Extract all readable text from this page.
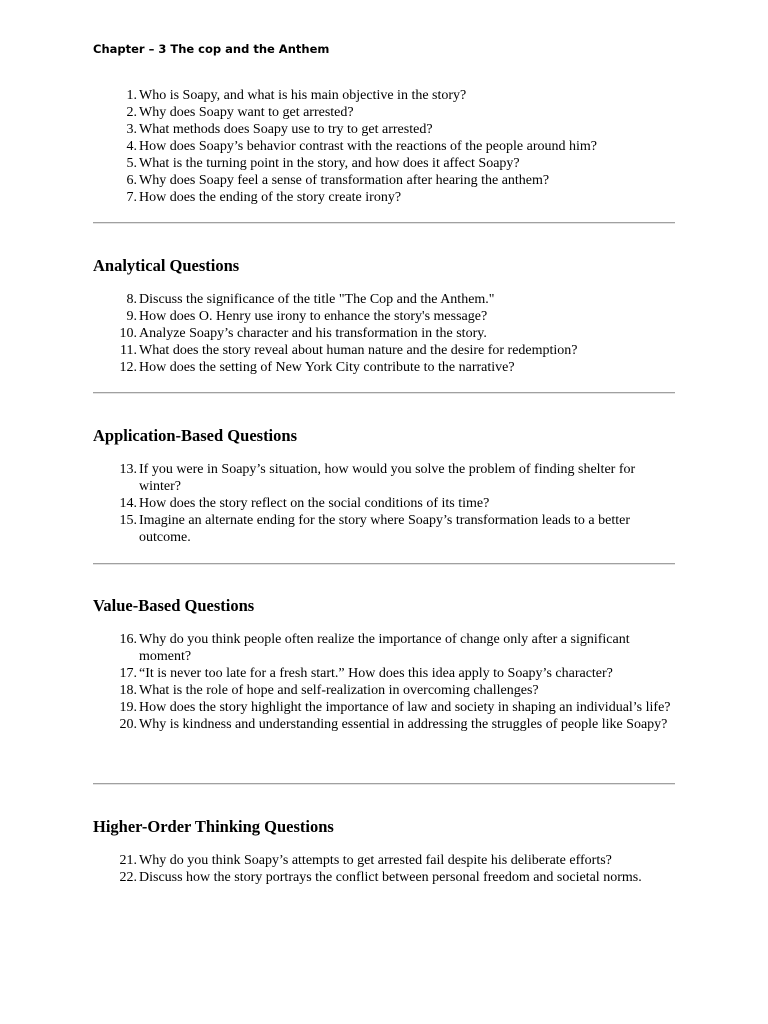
Chapter – 3 The cop and the Anthem
1. Who is Soapy, and what is his main objective in the story?
2. Why does Soapy want to get arrested?
3. What methods does Soapy use to try to get arrested?
4. How does Soapy’s behavior contrast with the reactions of the people around him?
5. What is the turning point in the story, and how does it affect Soapy?
6. Why does Soapy feel a sense of transformation after hearing the anthem?
7. How does the ending of the story create irony?
Analytical Questions
8. Discuss the significance of the title "The Cop and the Anthem."
9. How does O. Henry use irony to enhance the story's message?
10. Analyze Soapy’s character and his transformation in the story.
11. What does the story reveal about human nature and the desire for redemption?
12. How does the setting of New York City contribute to the narrative?
Application-Based Questions
13. If you were in Soapy’s situation, how would you solve the problem of finding shelter for winter?
14. How does the story reflect on the social conditions of its time?
15. Imagine an alternate ending for the story where Soapy’s transformation leads to a better outcome.
Value-Based Questions
16. Why do you think people often realize the importance of change only after a significant moment?
17. “It is never too late for a fresh start.” How does this idea apply to Soapy’s character?
18. What is the role of hope and self-realization in overcoming challenges?
19. How does the story highlight the importance of law and society in shaping an individual’s life?
20. Why is kindness and understanding essential in addressing the struggles of people like Soapy?
Higher-Order Thinking Questions
21. Why do you think Soapy’s attempts to get arrested fail despite his deliberate efforts?
22. Discuss how the story portrays the conflict between personal freedom and societal norms.
